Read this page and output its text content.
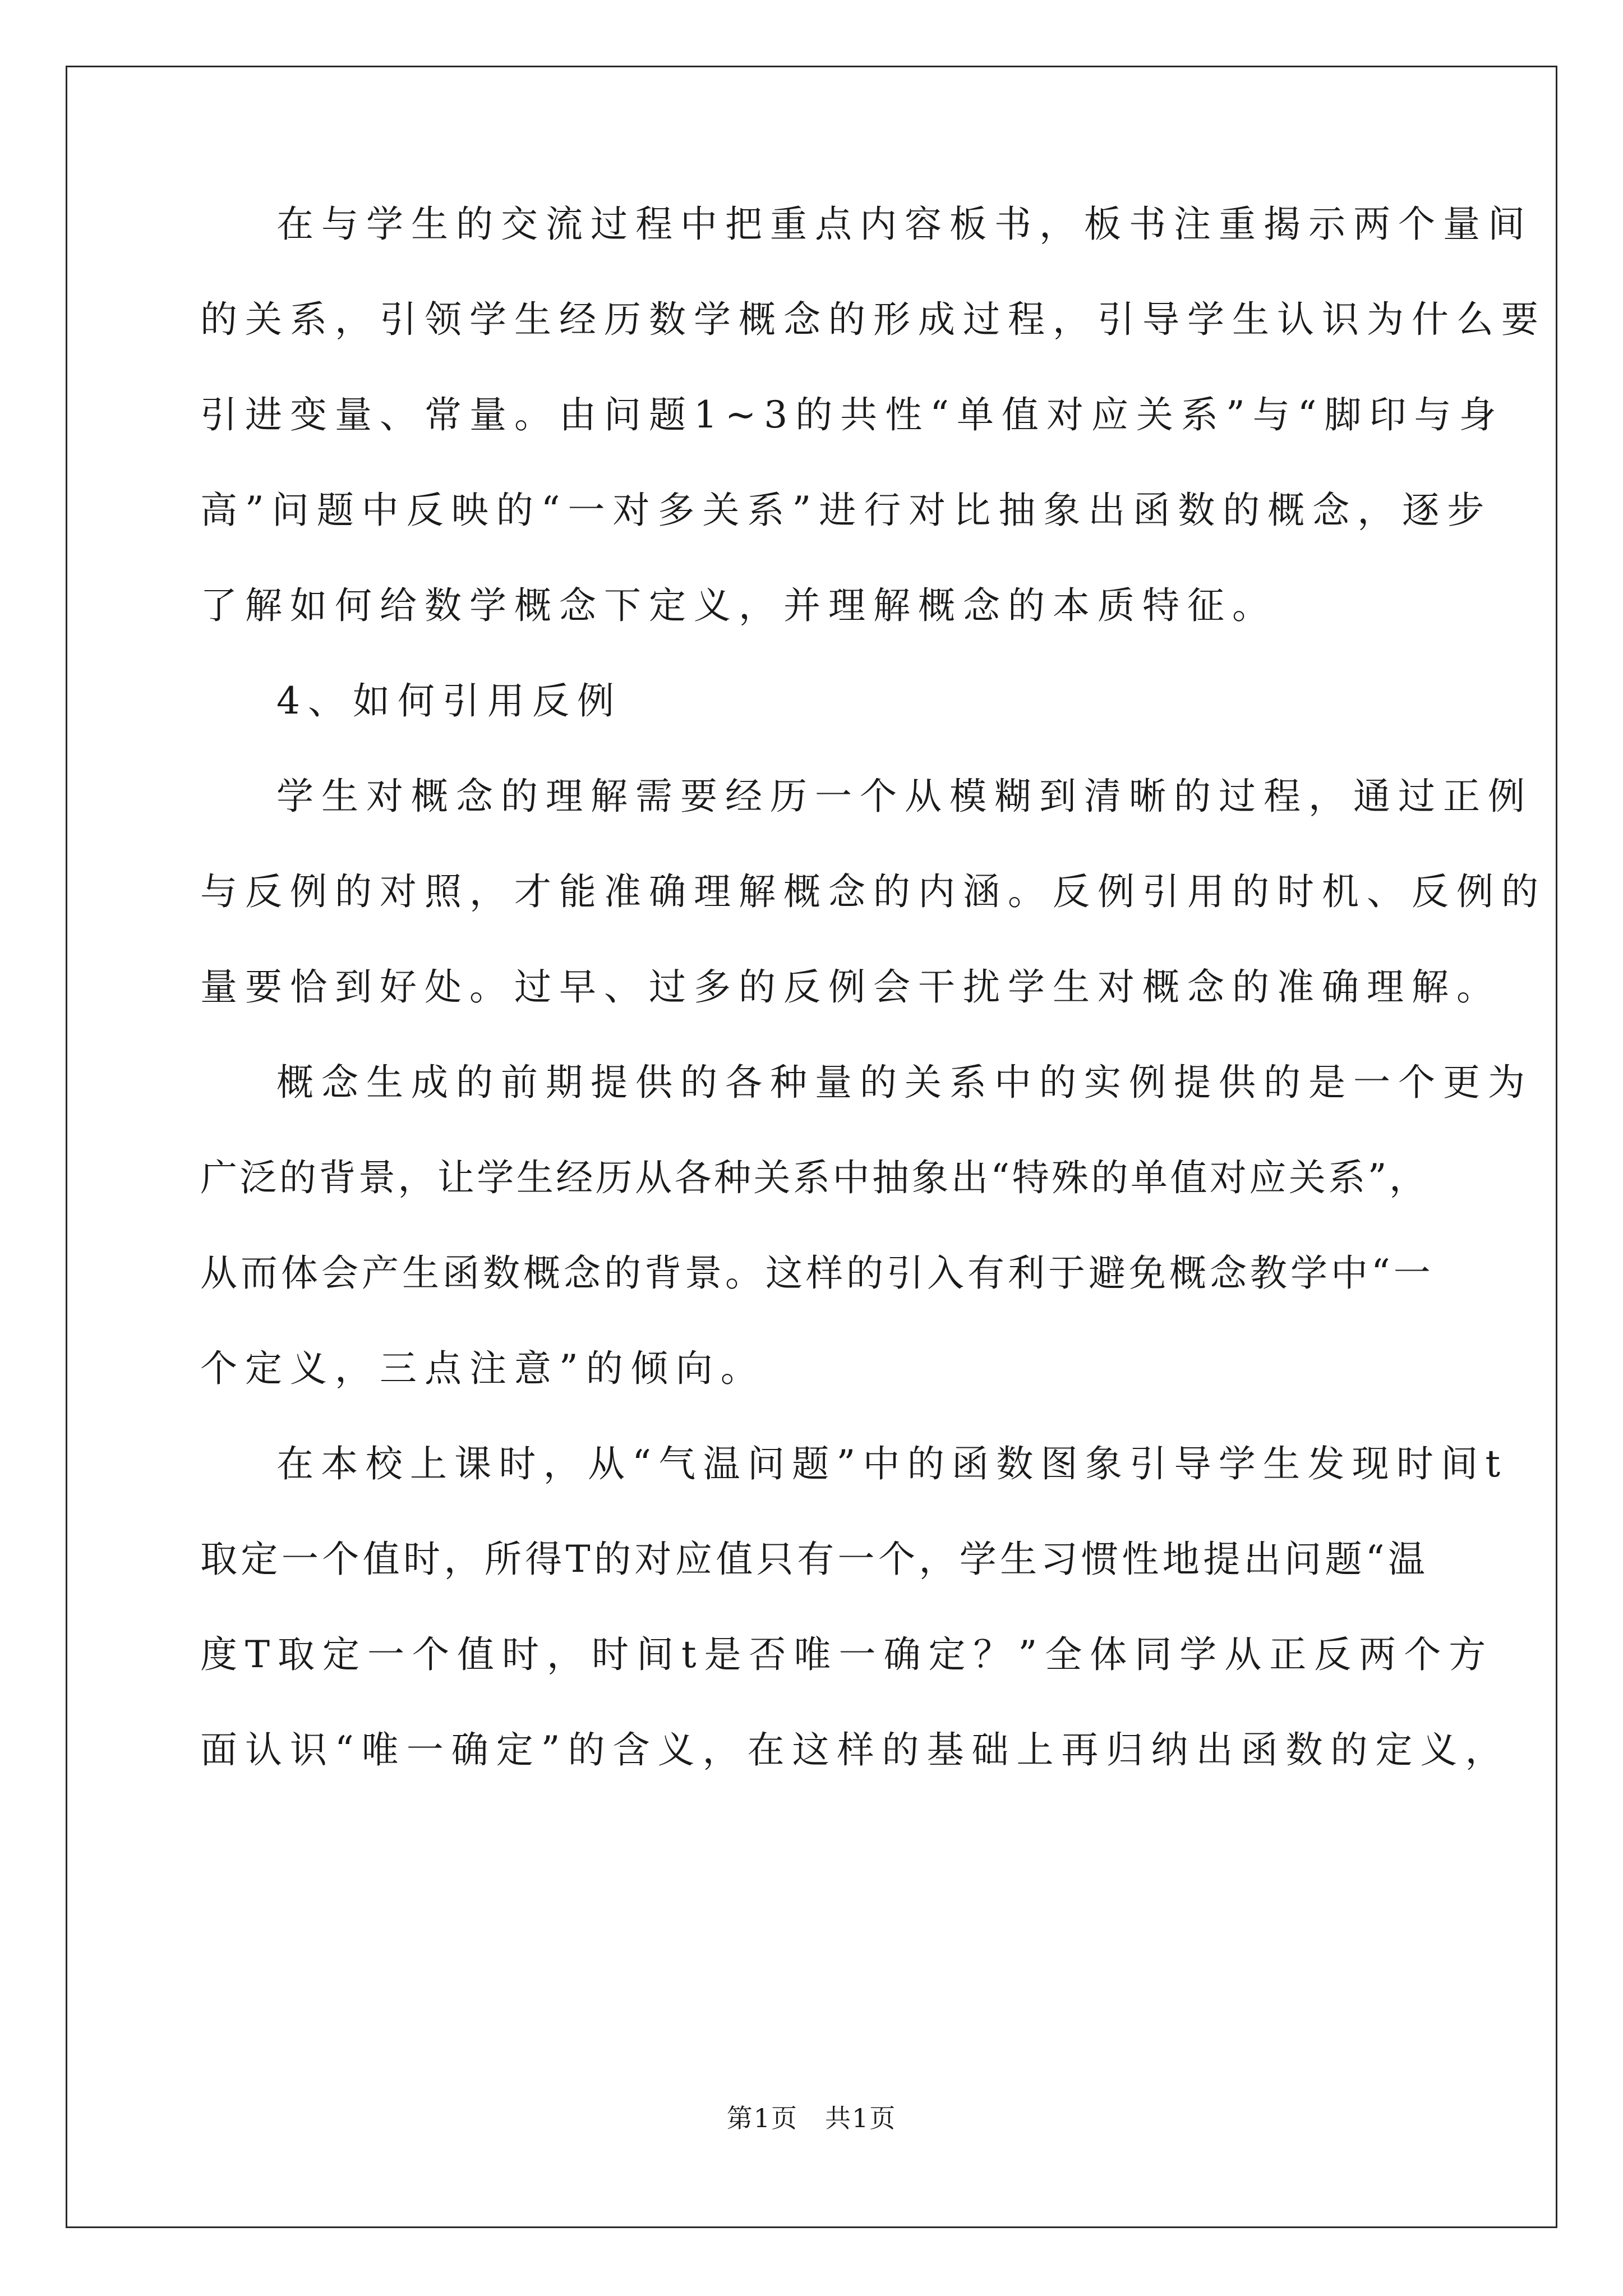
在与学生的交流过程中把重点内容板书，板书注重揭示两个量间
的关系，引领学生经历数学概念的形成过程，引导学生认识为什么要
引进变量、常量。由问题1~3的共性“单值对应关系”与“脚印与身
高”问题中反映的“一对多关系”进行对比抽象出函数的概念，逐步
了解如何给数学概念下定义，并理解概念的本质特征。
4、如何引用反例
学生对概念的理解需要经历一个从模糊到清晰的过程，通过正例
与反例的对照，才能准确理解概念的内涵。反例引用的时机、反例的
量要恰到好处。过早、过多的反例会干扰学生对概念的准确理解。
概念生成的前期提供的各种量的关系中的实例提供的是一个更为
广泛的背景，让学生经历从各种关系中抽象出“特殊的单值对应关系”，
从而体会产生函数概念的背景。这样的引入有利于避免概念教学中“一
个定义，三点注意”的倾向。
在本校上课时，从“气温问题”中的函数图象引导学生发现时间t
取定一个值时，所得T的对应值只有一个，学生习惯性地提出问题“温
度T取定一个值时，时间t是否唯一确定？”全体同学从正反两个方
面认识“唯一确定”的含义，在这样的基础上再归纳出函数的定义，
第1页　共1页
